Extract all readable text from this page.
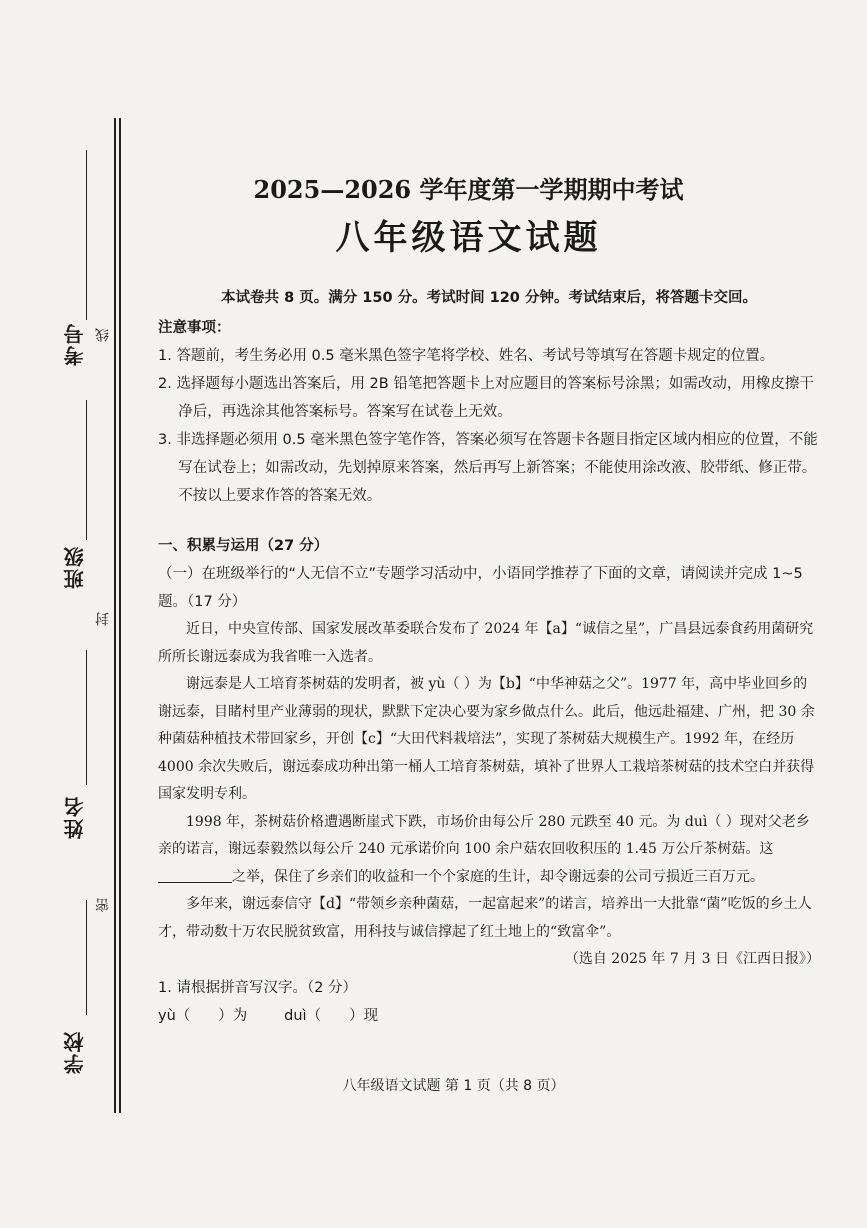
考号 线
班级
封
姓名
密
学校
2025—2026 学年度第一学期期中考试
八年级语文试题

本试卷共 8 页。满分 150 分。考试时间 120 分钟。考试结束后，将答题卡交回。

注意事项：

1. 答题前，考生务必用 0.5 毫米黑色签字笔将学校、姓名、考试号等填写在答题卡规定的位置。

2. 选择题每小题选出答案后，用 2B 铅笔把答题卡上对应题目的答案标号涂黑；如需改动，用橡皮擦干净后，再选涂其他答案标号。答案写在试卷上无效。

3. 非选择题必须用 0.5 毫米黑色签字笔作答，答案必须写在答题卡各题目指定区域内相应的位置，不能写在试卷上；如需改动，先划掉原来答案，然后再写上新答案；不能使用涂改液、胶带纸、修正带。不按以上要求作答的答案无效。

一、积累与运用（27 分）

（一）在班级举行的“人无信不立”专题学习活动中，小语同学推荐了下面的文章，请阅读并完成 1~5 题。（17 分）

近日，中央宣传部、国家发展改革委联合发布了 2024 年【a】“诚信之星”，广昌县远泰食药用菌研究所所长谢远泰成为我省唯一入选者。

谢远泰是人工培育茶树菇的发明者，被 yù（ ）为【b】“中华神菇之父”。1977 年，高中毕业回乡的谢远泰，目睹村里产业薄弱的现状，默默下定决心要为家乡做点什么。此后，他远赴福建、广州，把 30 余种菌菇种植技术带回家乡，开创【c】“大田代料栽培法”，实现了茶树菇大规模生产。1992 年，在经历 4000 余次失败后，谢远泰成功种出第一桶人工培育茶树菇，填补了世界人工栽培茶树菇的技术空白并获得国家发明专利。

1998 年，茶树菇价格遭遇断崖式下跌，市场价由每公斤 280 元跌至 40 元。为 duì（ ）现对父老乡亲的诺言，谢远泰毅然以每公斤 240 元承诺价向 100 余户菇农回收积压的 1.45 万公斤茶树菇。这之举，保住了乡亲们的收益和一个个家庭的生计，却令谢远泰的公司亏损近三百万元。

多年来，谢远泰信守【d】“带领乡亲种菌菇，一起富起来”的诺言，培养出一大批靠“菌”吃饭的乡土人才，带动数十万农民脱贫致富，用科技与诚信撑起了红土地上的“致富伞”。

（选自 2025 年 7 月 3 日《江西日报》）

1. 请根据拼音写汉字。（2 分）

yù（ ）为	duì（ ）现

八年级语文试题 第 1 页（共 8 页）
